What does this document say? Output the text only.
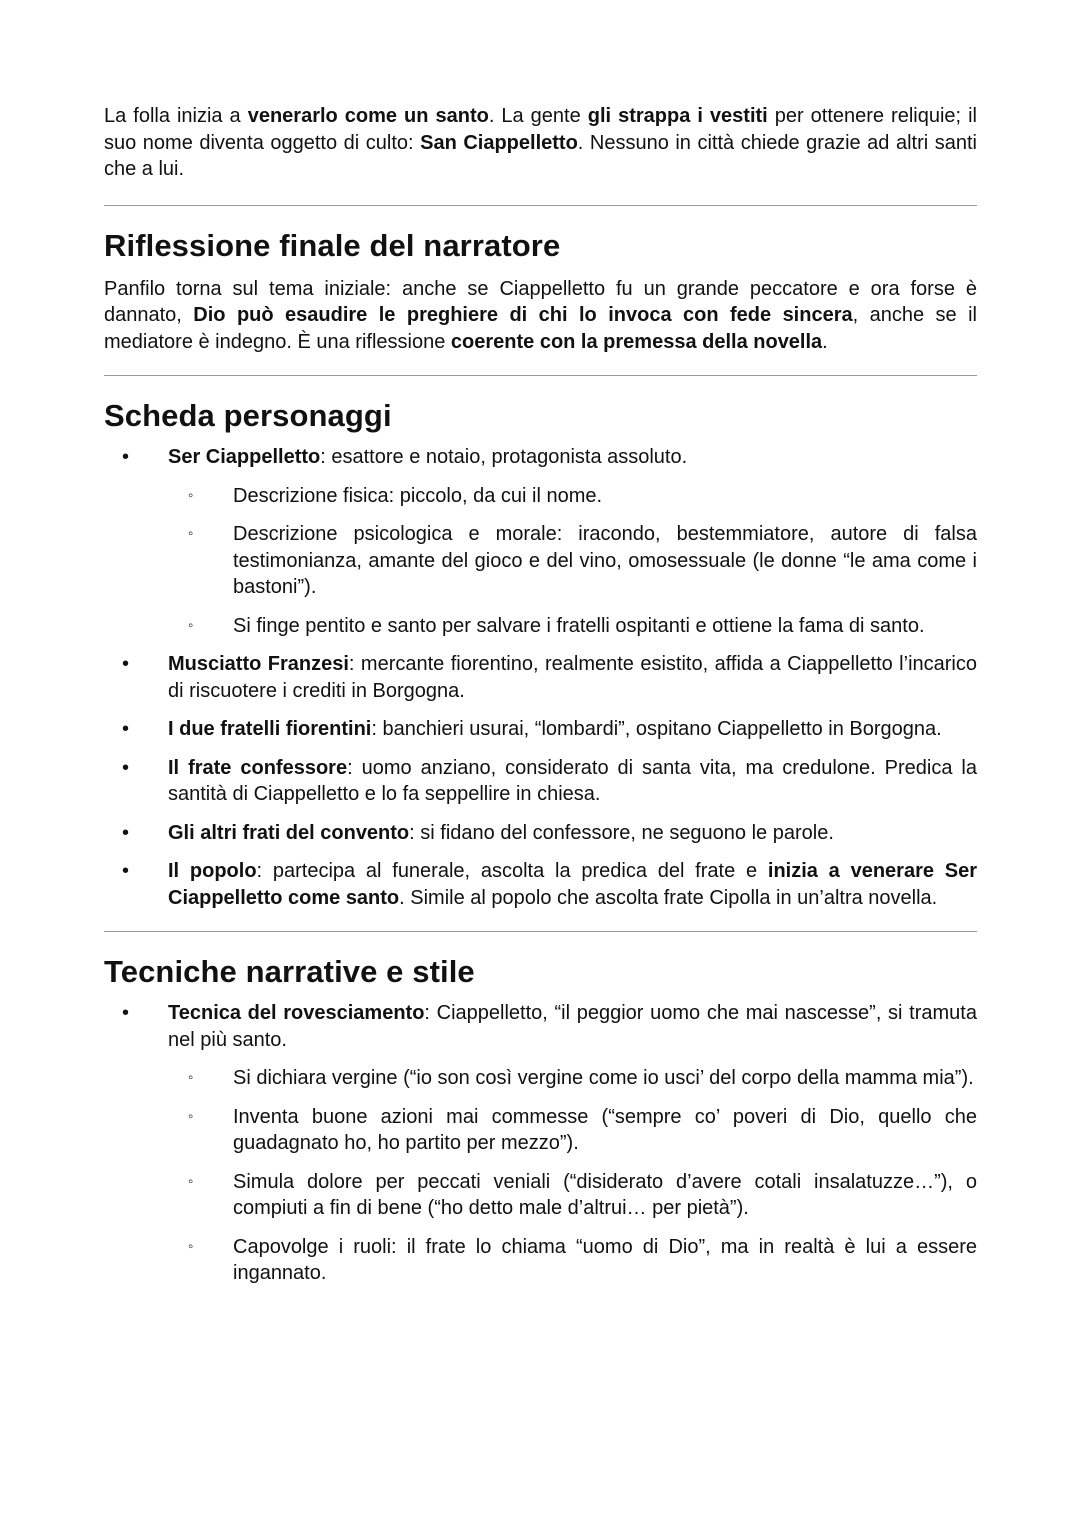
La folla inizia a venerarlo come un santo. La gente gli strappa i vestiti per ottenere reliquie; il suo nome diventa oggetto di culto: San Ciappelletto. Nessuno in città chiede grazie ad altri santi che a lui.

Riflessione finale del narratore

Panfilo torna sul tema iniziale: anche se Ciappelletto fu un grande peccatore e ora forse è dannato, Dio può esaudire le preghiere di chi lo invoca con fede sincera, anche se il mediatore è indegno. È una riflessione coerente con la premessa della novella.

Scheda personaggi
• Ser Ciappelletto: esattore e notaio, protagonista assoluto.
◦ Descrizione fisica: piccolo, da cui il nome.
◦ Descrizione psicologica e morale: iracondo, bestemmiatore, autore di falsa testimonianza, amante del gioco e del vino, omosessuale (le donne “le ama come i bastoni”).
◦ Si finge pentito e santo per salvare i fratelli ospitanti e ottiene la fama di santo.
• Musciatto Franzesi: mercante fiorentino, realmente esistito, affida a Ciappelletto l’incarico di riscuotere i crediti in Borgogna.
• I due fratelli fiorentini: banchieri usurai, “lombardi”, ospitano Ciappelletto in Borgogna.
• Il frate confessore: uomo anziano, considerato di santa vita, ma credulone. Predica la santità di Ciappelletto e lo fa seppellire in chiesa.
• Gli altri frati del convento: si fidano del confessore, ne seguono le parole.
• Il popolo: partecipa al funerale, ascolta la predica del frate e inizia a venerare Ser Ciappelletto come santo. Simile al popolo che ascolta frate Cipolla in un’altra novella.
Tecniche narrative e stile
• Tecnica del rovesciamento: Ciappelletto, “il peggior uomo che mai nascesse”, si tramuta nel più santo.
◦ Si dichiara vergine (“io son così vergine come io usci’ del corpo della mamma mia”).
◦ Inventa buone azioni mai commesse (“sempre co’ poveri di Dio, quello che guadagnato ho, ho partito per mezzo”).
◦ Simula dolore per peccati veniali (“disiderato d’avere cotali insalatuzze…”), o compiuti a fin di bene (“ho detto male d’altrui… per pietà”).
◦ Capovolge i ruoli: il frate lo chiama “uomo di Dio”, ma in realtà è lui a essere ingannato.
